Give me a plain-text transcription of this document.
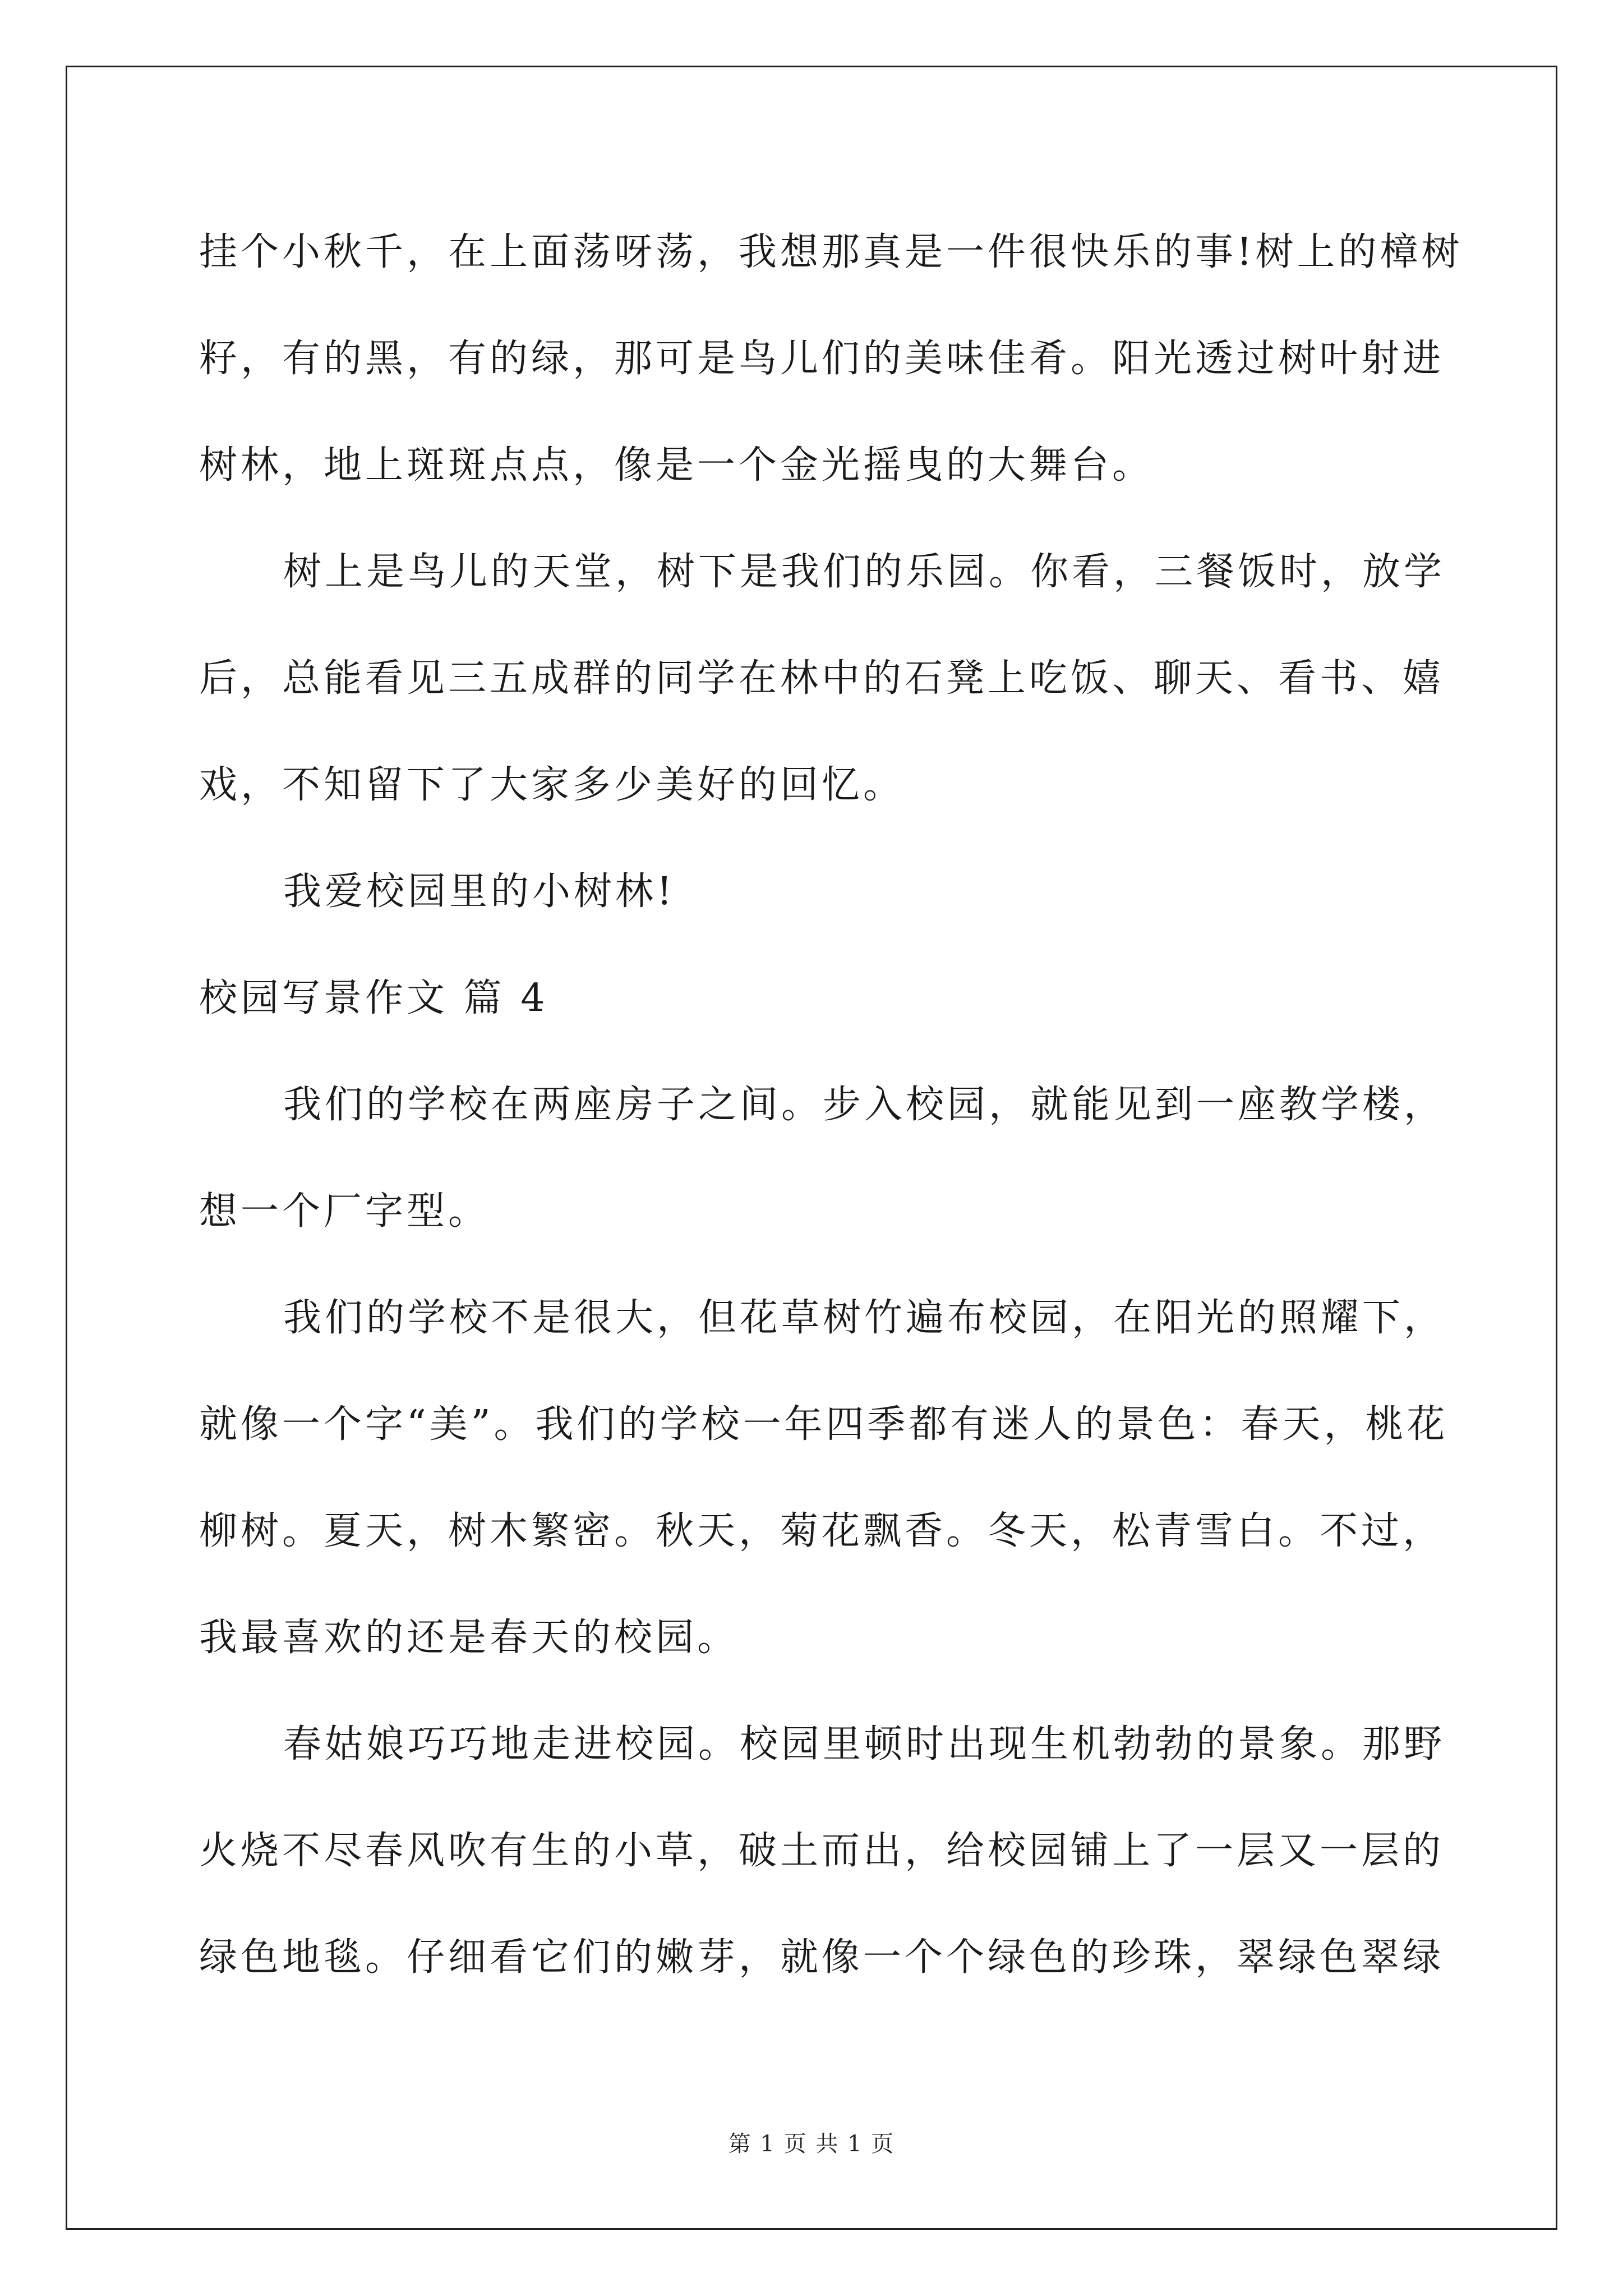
挂个小秋千，在上面荡呀荡，我想那真是一件很快乐的事!树上的樟树
籽，有的黑，有的绿，那可是鸟儿们的美味佳肴。阳光透过树叶射进
树林，地上斑斑点点，像是一个金光摇曳的大舞台。
树上是鸟儿的天堂，树下是我们的乐园。你看，三餐饭时，放学
后，总能看见三五成群的同学在林中的石凳上吃饭、聊天、看书、嬉
戏，不知留下了大家多少美好的回忆。
我爱校园里的小树林!
校园写景作文 篇 4
我们的学校在两座房子之间。步入校园，就能见到一座教学楼，
想一个厂字型。
我们的学校不是很大，但花草树竹遍布校园，在阳光的照耀下，
就像一个字“美”。我们的学校一年四季都有迷人的景色：春天，桃花
柳树。夏天，树木繁密。秋天，菊花飘香。冬天，松青雪白。不过，
我最喜欢的还是春天的校园。
春姑娘巧巧地走进校园。校园里顿时出现生机勃勃的景象。那野
火烧不尽春风吹有生的小草，破土而出，给校园铺上了一层又一层的
绿色地毯。仔细看它们的嫩芽，就像一个个绿色的珍珠，翠绿色翠绿
第 1 页 共 1 页
